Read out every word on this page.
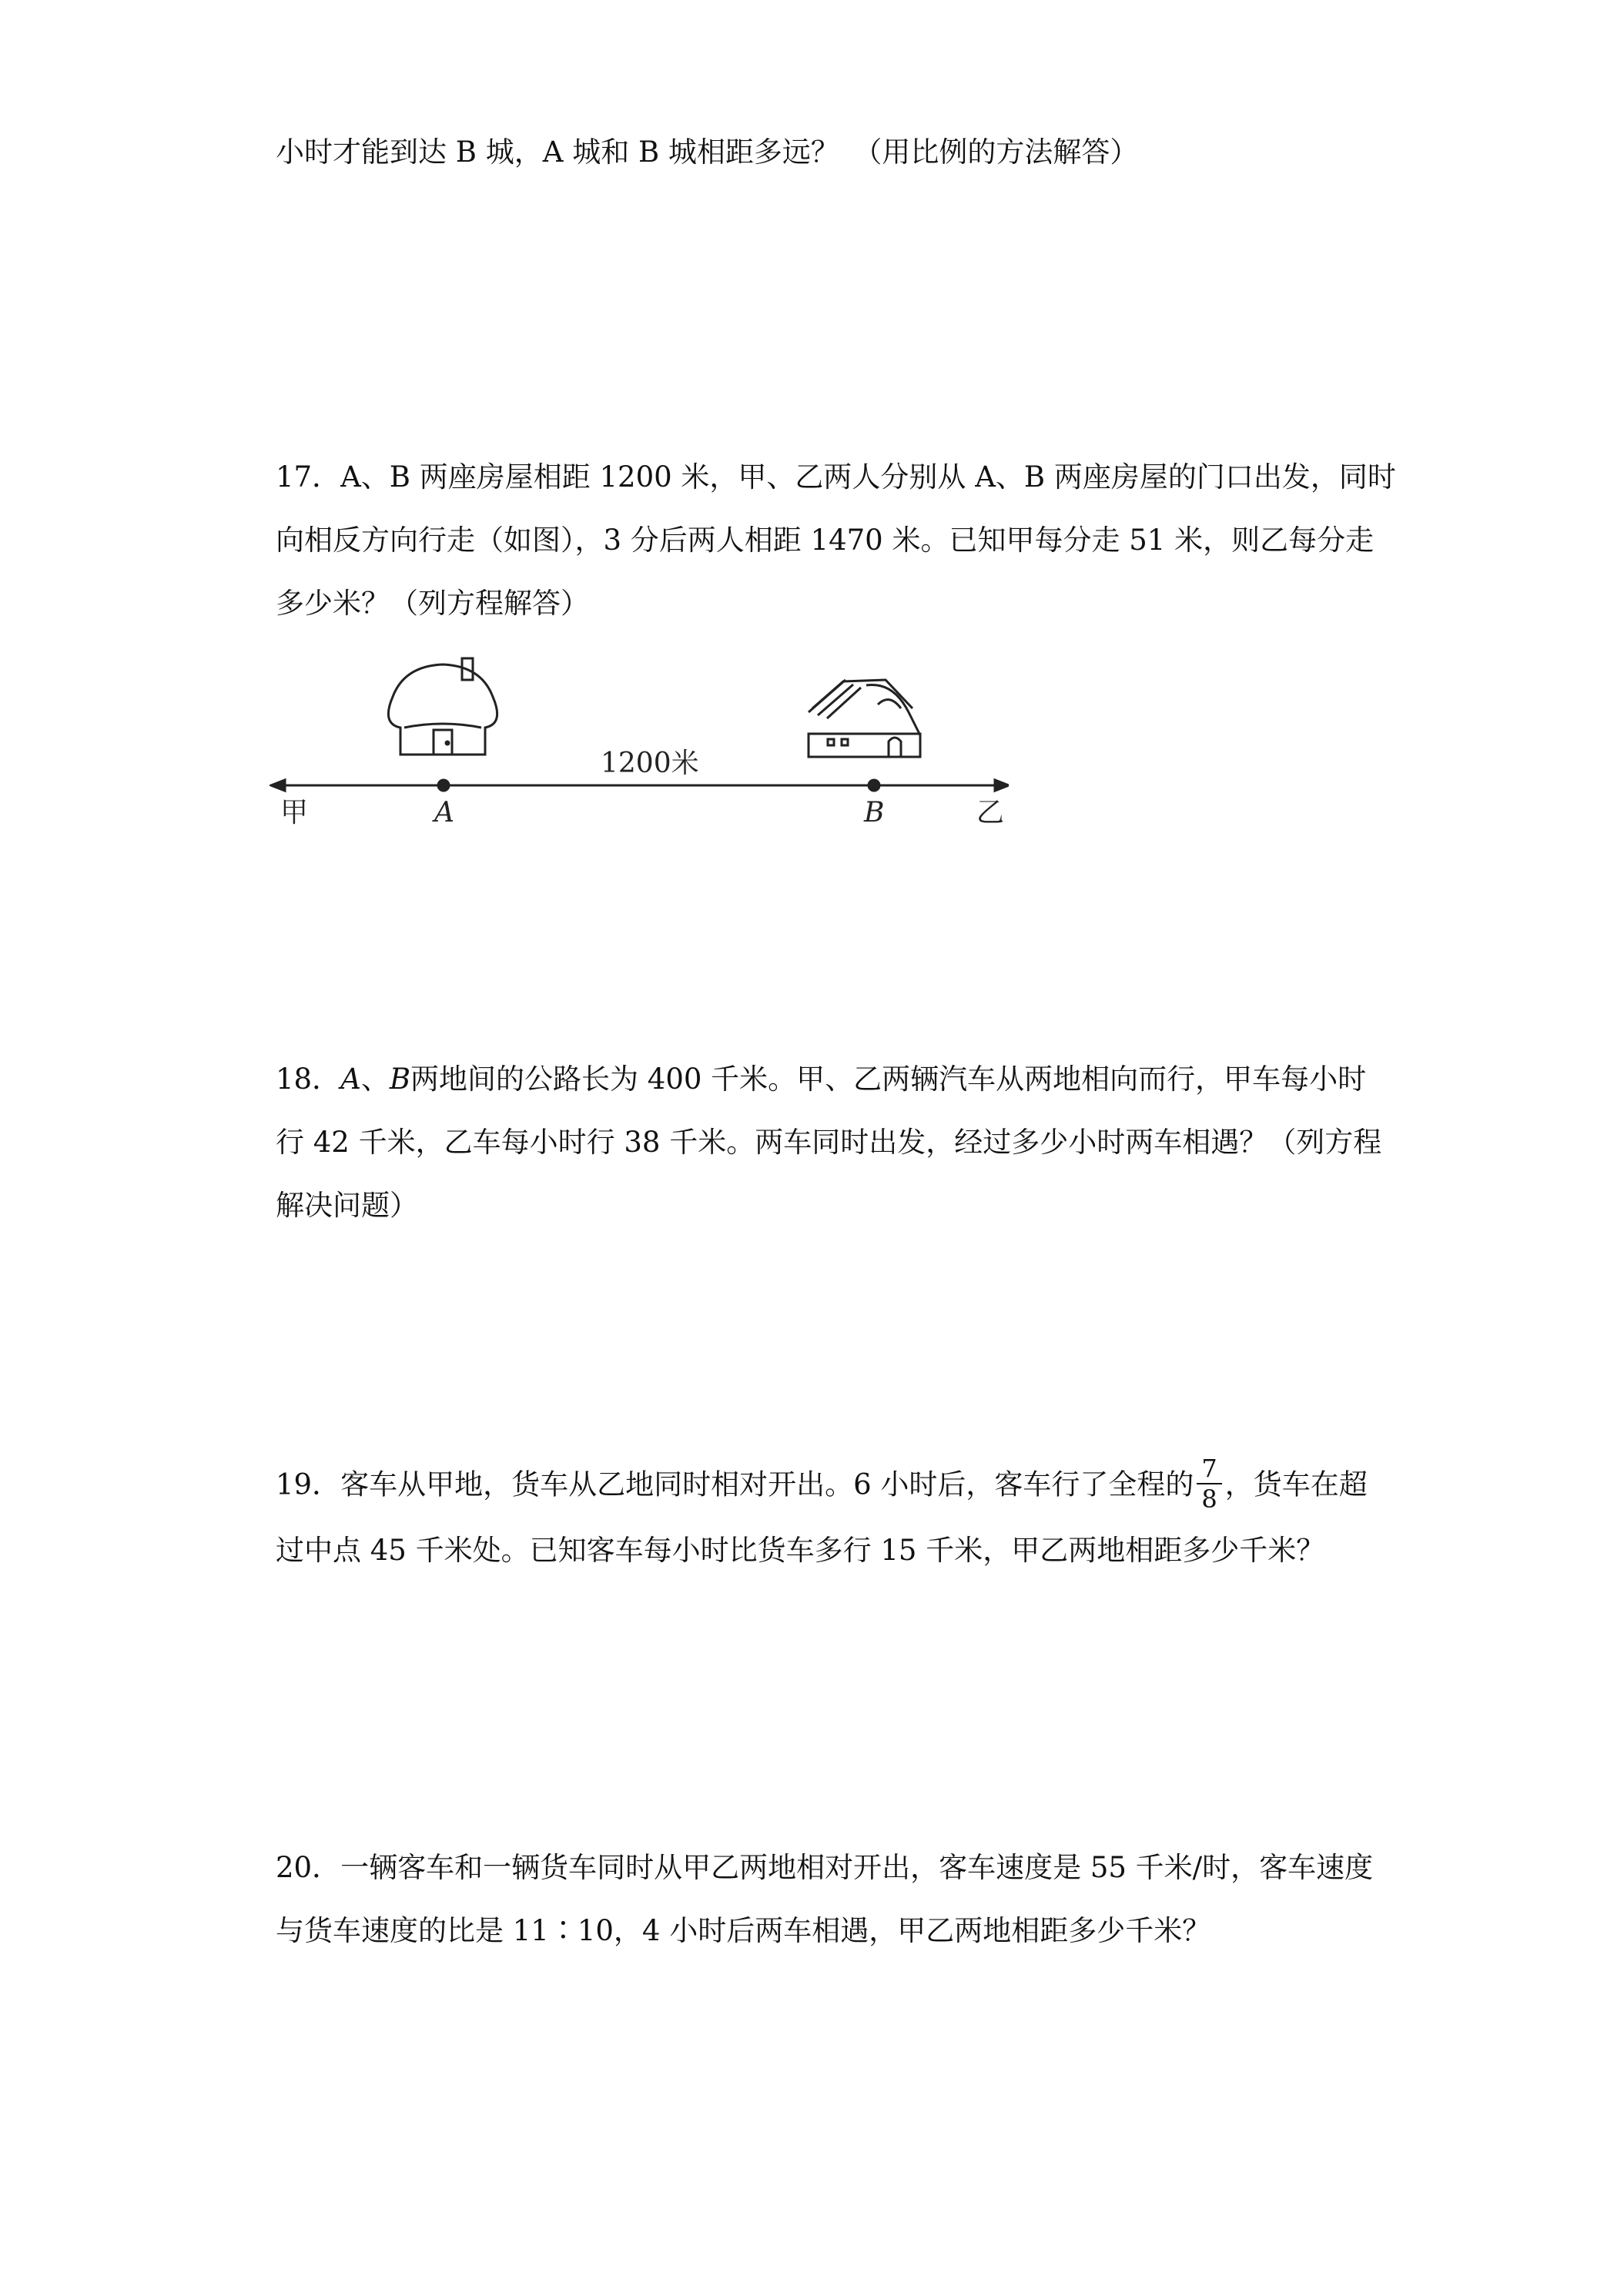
小时才能到达 B 城，A 城和 B 城相距多远？　（用比例的方法解答）
17．A、B 两座房屋相距 1200 米，甲、乙两人分别从 A、B 两座房屋的门口出发，同时
向相反方向行走（如图），3 分后两人相距 1470 米。已知甲每分走 51 米，则乙每分走
多少米？（列方程解答）
1200米
甲	A	B	乙
18．A、B两地间的公路长为 400 千米。甲、乙两辆汽车从两地相向而行，甲车每小时
行 42 千米，乙车每小时行 38 千米。两车同时出发，经过多少小时两车相遇？（列方程
解决问题）
19．客车从甲地，货车从乙地同时相对开出。6 小时后，客车行了全程的 $\frac{7}{8}$ ，货车在超
过中点 45 千米处。已知客车每小时比货车多行 15 千米，甲乙两地相距多少千米？
20．一辆客车和一辆货车同时从甲乙两地相对开出，客车速度是 55 千米/时，客车速度
与货车速度的比是 11∶10，4 小时后两车相遇，甲乙两地相距多少千米？
